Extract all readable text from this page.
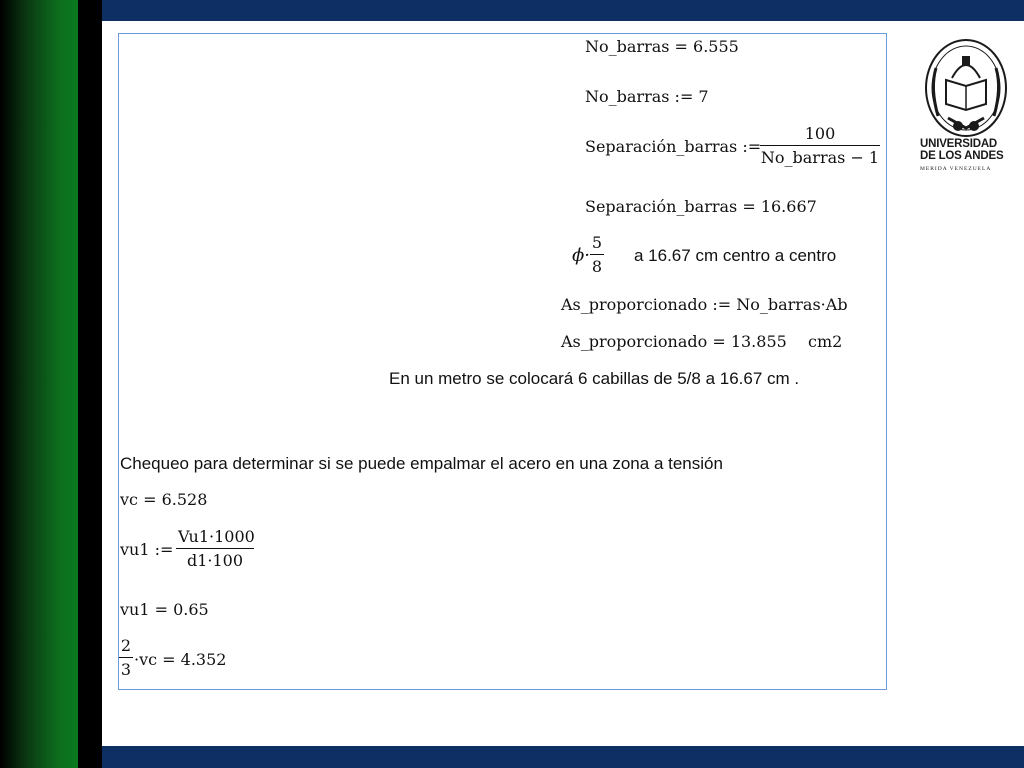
No_barras = 6.555
No_barras := 7
Separación_barras :=
100
No_barras − 1
Separación_barras = 16.667
ϕ·
5
8
a 16.67 cm centro a centro
As_proporcionado := No_barras·Ab
As_proporcionado = 13.855 cm2
En un metro se colocará 6 cabillas de 5/8 a 16.67 cm .
Chequeo para determinar si se puede empalmar el acero en una zona a tensión
vc = 6.528
vu1 :=
Vu1·1000
d1·100
vu1 = 0.65
2
3
·vc = 4.352
UNIVERSIDAD
DE LOS ANDES
MERIDA VENEZUELA
